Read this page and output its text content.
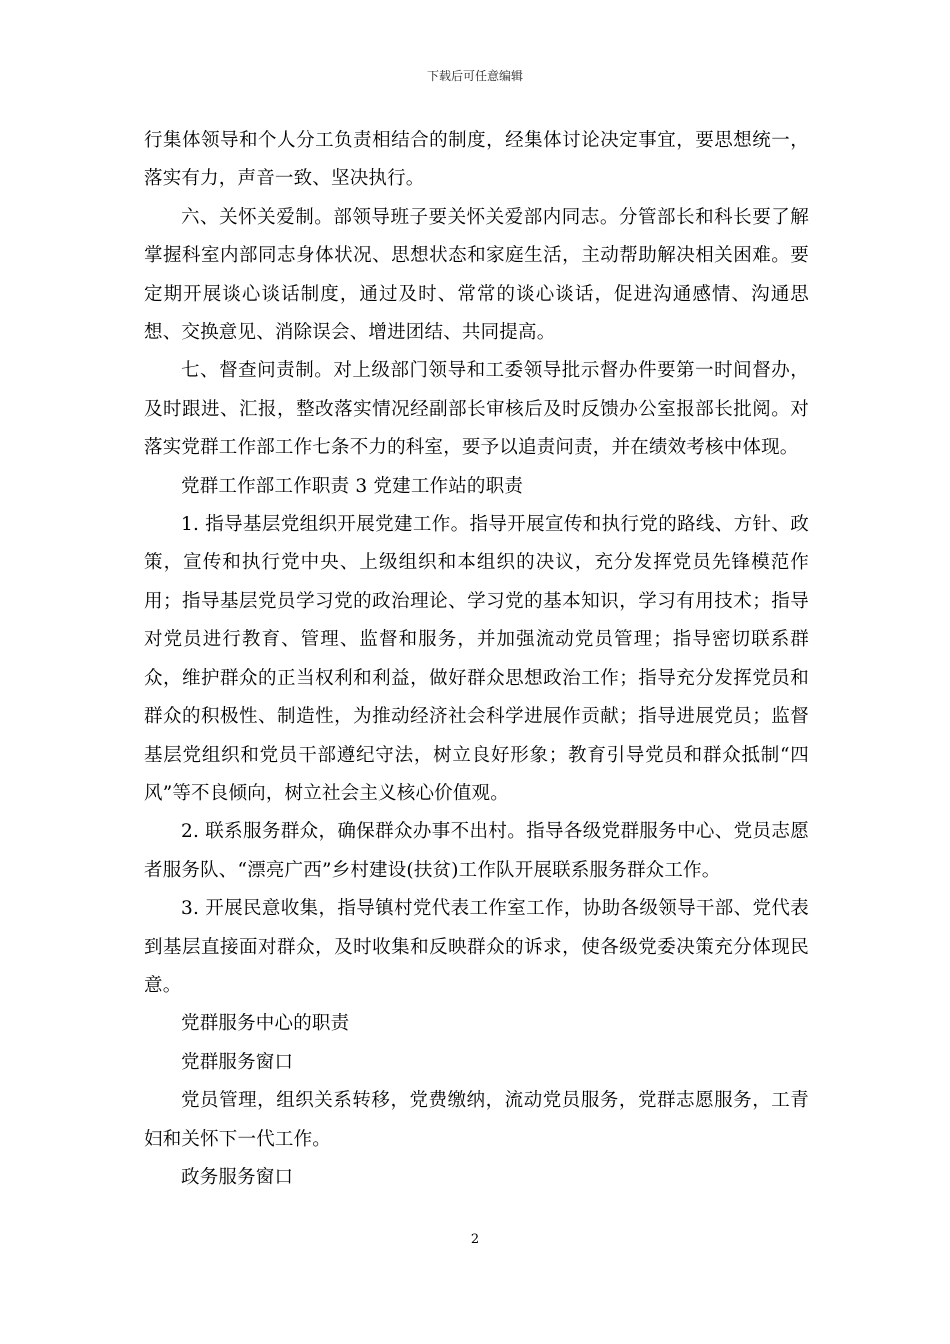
下载后可任意编辑

行集体领导和个人分工负责相结合的制度，经集体讨论决定事宜，要思想统一，落实有力，声音一致、坚决执行。

六、关怀关爱制。部领导班子要关怀关爱部内同志。分管部长和科长要了解掌握科室内部同志身体状况、思想状态和家庭生活，主动帮助解决相关困难。要定期开展谈心谈话制度，通过及时、常常的谈心谈话，促进沟通感情、沟通思想、交换意见、消除误会、增进团结、共同提高。

七、督查问责制。对上级部门领导和工委领导批示督办件要第一时间督办，及时跟进、汇报，整改落实情况经副部长审核后及时反馈办公室报部长批阅。对落实党群工作部工作七条不力的科室，要予以追责问责，并在绩效考核中体现。

党群工作部工作职责 3 党建工作站的职责

1. 指导基层党组织开展党建工作。指导开展宣传和执行党的路线、方针、政策，宣传和执行党中央、上级组织和本组织的决议，充分发挥党员先锋模范作用；指导基层党员学习党的政治理论、学习党的基本知识，学习有用技术；指导对党员进行教育、管理、监督和服务，并加强流动党员管理；指导密切联系群众，维护群众的正当权利和利益，做好群众思想政治工作；指导充分发挥党员和群众的积极性、制造性，为推动经济社会科学进展作贡献；指导进展党员；监督基层党组织和党员干部遵纪守法，树立良好形象；教育引导党员和群众抵制“四风”等不良倾向，树立社会主义核心价值观。

2. 联系服务群众，确保群众办事不出村。指导各级党群服务中心、党员志愿者服务队、“漂亮广西”乡村建设(扶贫)工作队开展联系服务群众工作。

3. 开展民意收集，指导镇村党代表工作室工作，协助各级领导干部、党代表到基层直接面对群众，及时收集和反映群众的诉求，使各级党委决策充分体现民意。

党群服务中心的职责

党群服务窗口

党员管理，组织关系转移，党费缴纳，流动党员服务，党群志愿服务，工青妇和关怀下一代工作。

政务服务窗口

2
